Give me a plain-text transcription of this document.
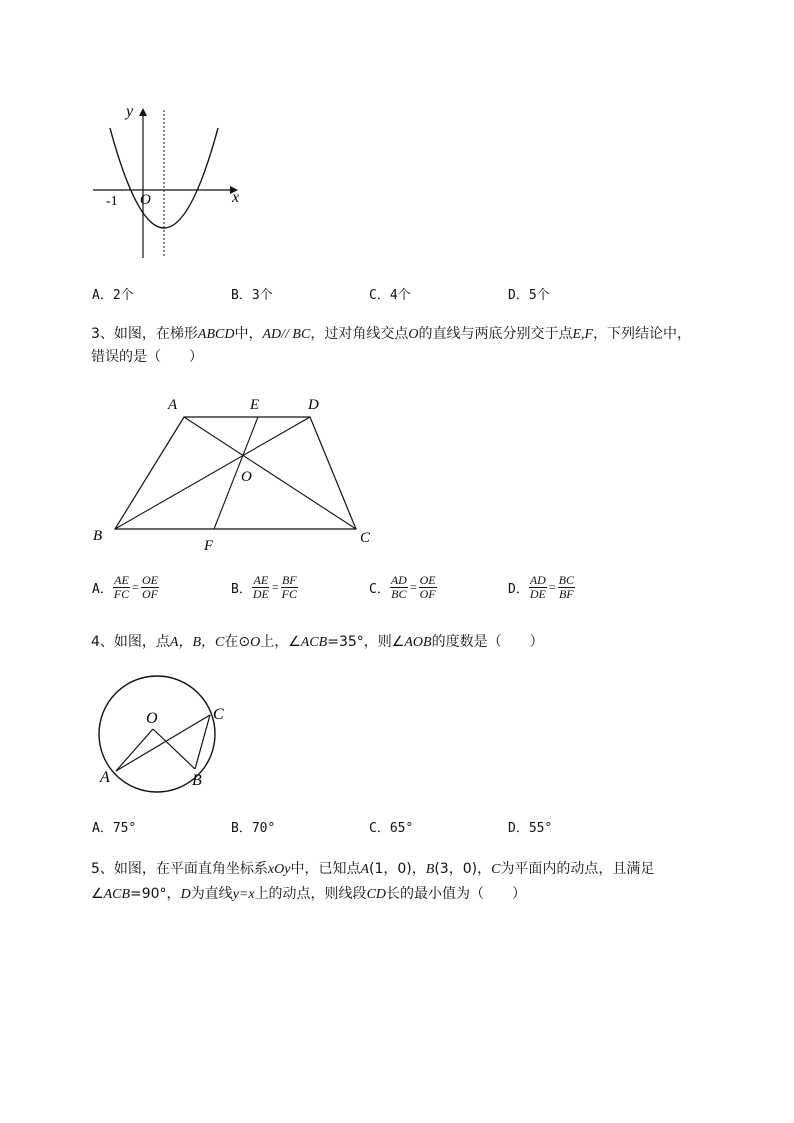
y
x
O
-1
A．2个	B．3个	C．4个	D．5个
3、如图，在梯形ABCD中，AD// BC，过对角线交点O的直线与两底分别交于点E,F，下列结论中，
错误的是（　　）
A	E	D
O
B
F	C
A． $\frac{AE}{FC} = \frac{OE}{OF}$	B． $\frac{AE}{DE} = \frac{BF}{FC}$	C． $\frac{AD}{BC} = \frac{OE}{OF}$	D． $\frac{AD}{DE} = \frac{BC}{BF}$
4、如图，点A，B，C在⊙O上，∠ACB=35°，则∠AOB的度数是（　　）
O	C
A	B
A．75°	B．70°	C．65°	D．55°
5、如图，在平面直角坐标系xOy中，已知点A(1，0)，B(3，0)，C为平面内的动点，且满足
∠ACB=90°，D为直线y=x上的动点，则线段CD长的最小值为（　　）
